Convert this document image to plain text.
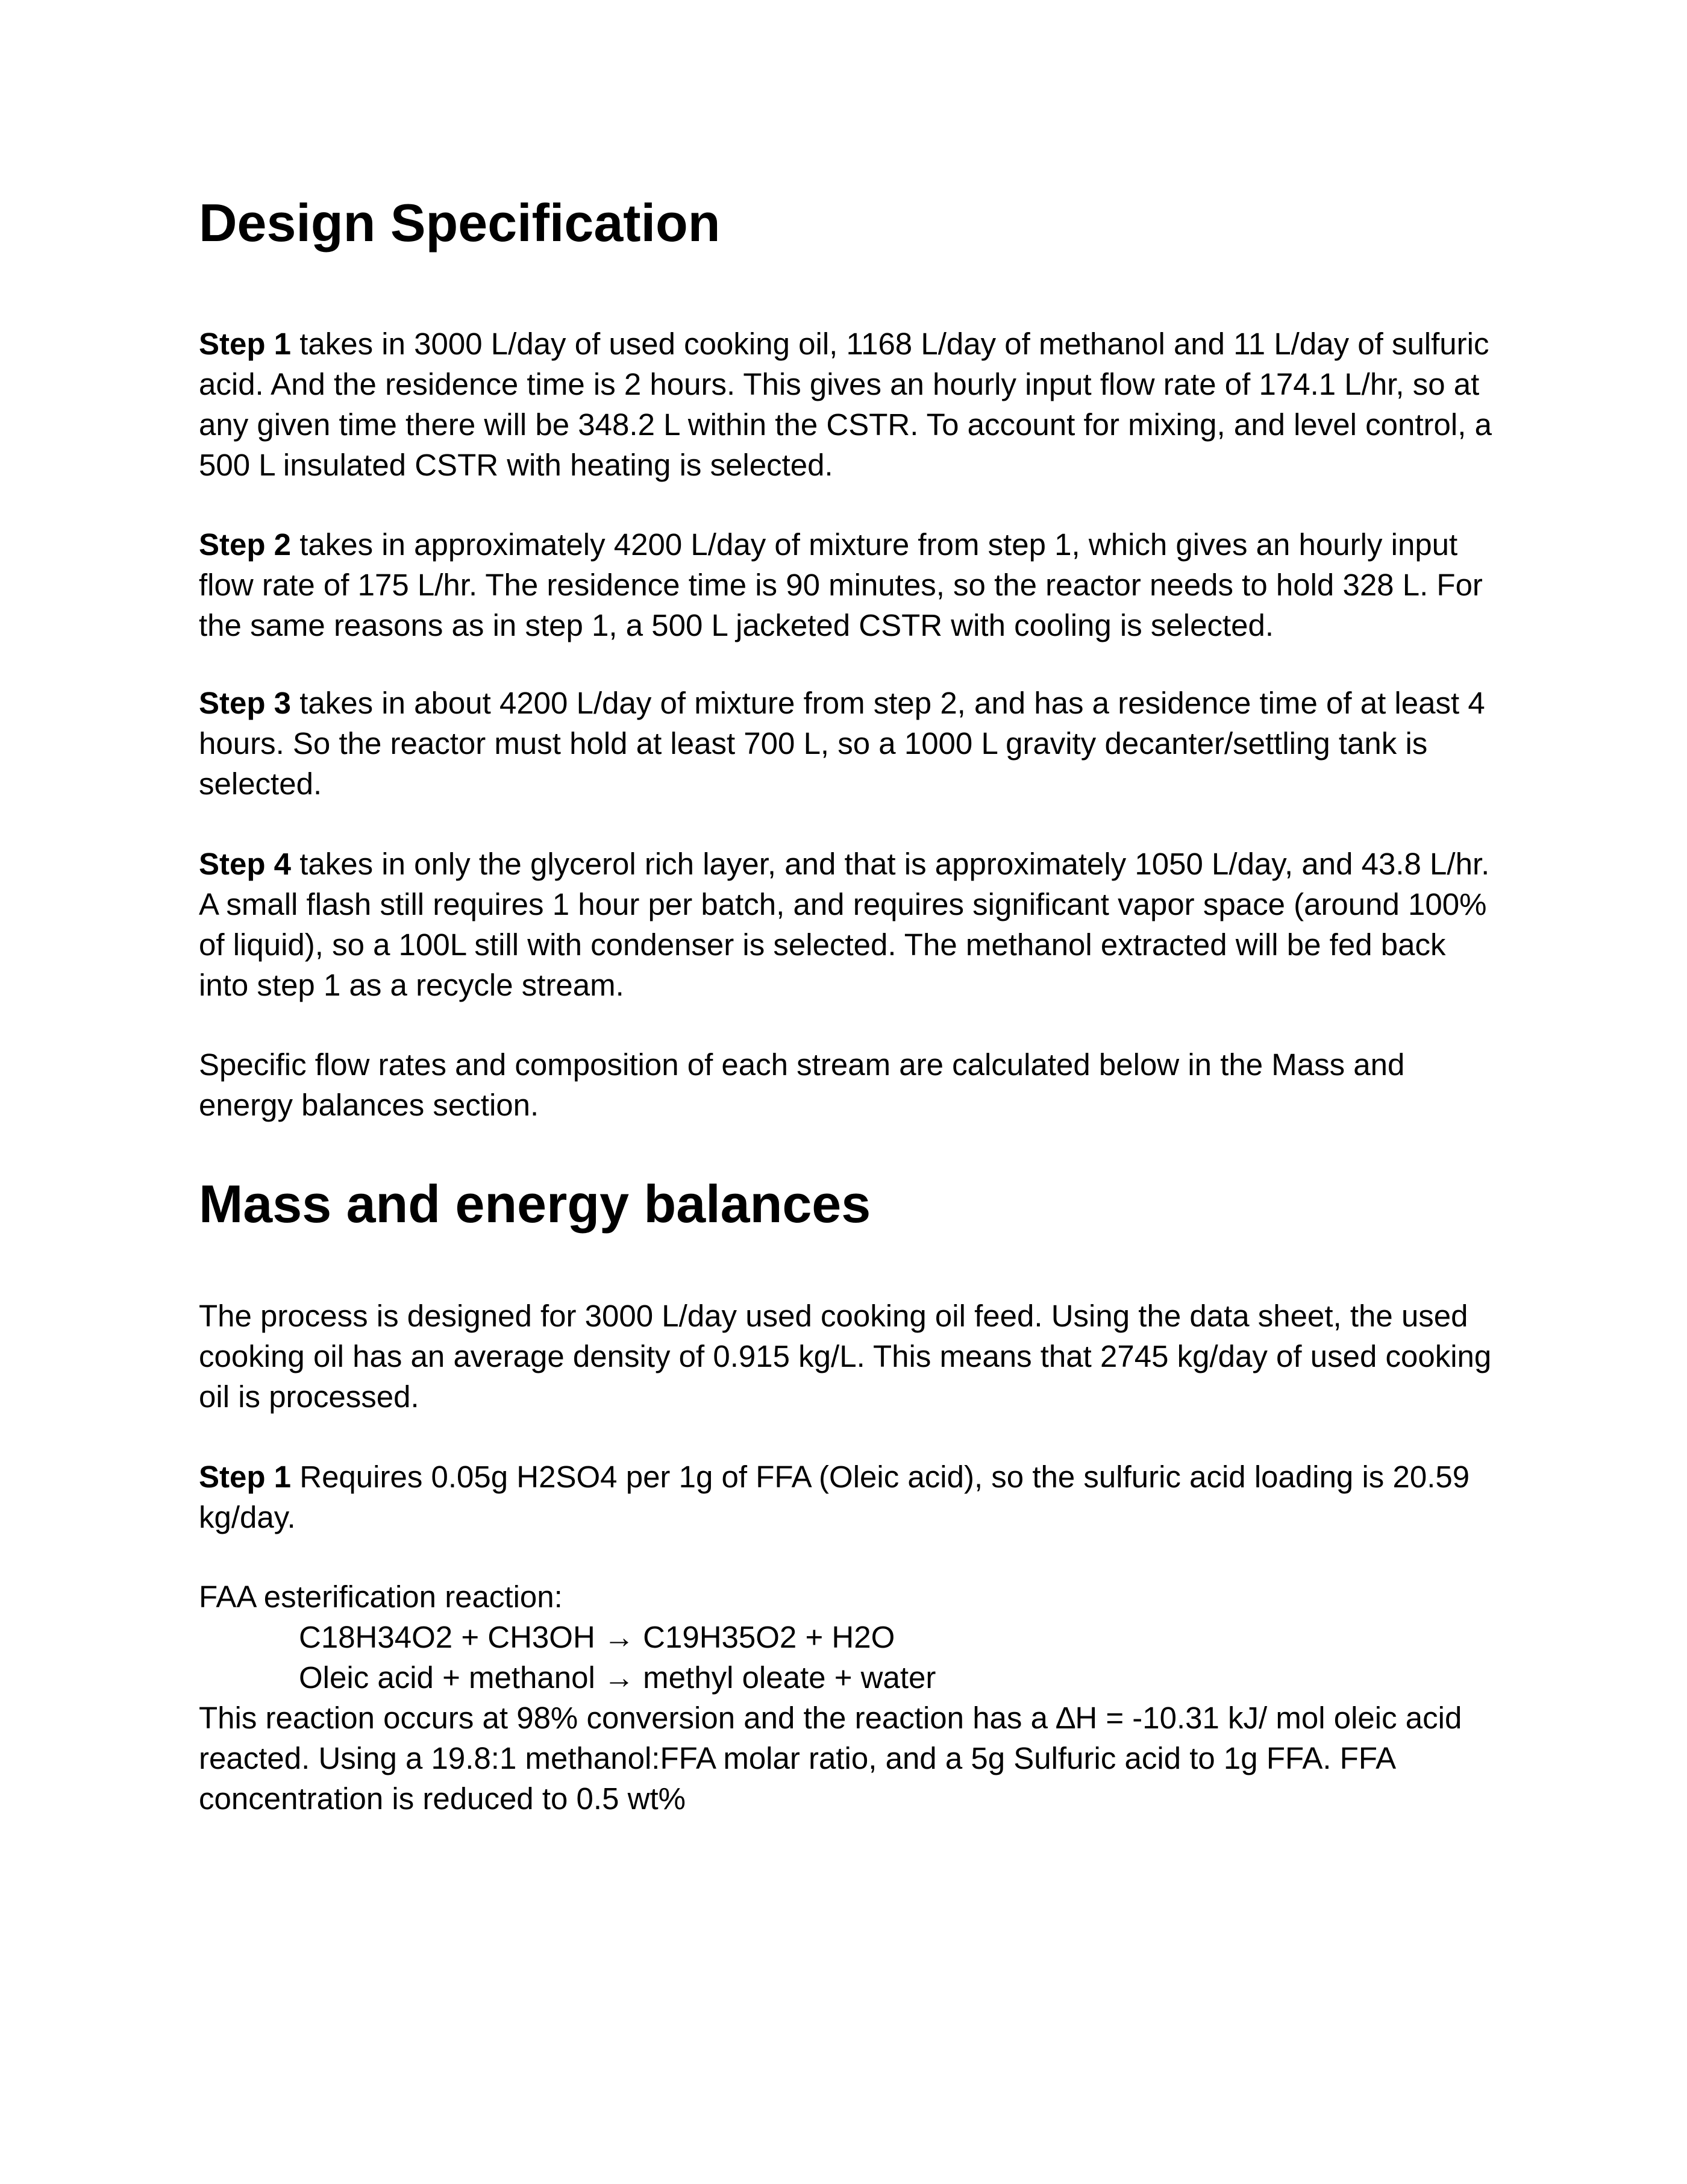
Design Specification

Step 1 takes in 3000 L/day of used cooking oil, 1168 L/day of methanol and 11 L/day of sulfuric acid. And the residence time is 2 hours. This gives an hourly input flow rate of 174.1 L/hr, so at any given time there will be 348.2 L within the CSTR. To account for mixing, and level control, a 500 L insulated CSTR with heating is selected.

Step 2 takes in approximately 4200 L/day of mixture from step 1, which gives an hourly input flow rate of 175 L/hr. The residence time is 90 minutes, so the reactor needs to hold 328 L. For the same reasons as in step 1, a 500 L jacketed CSTR with cooling is selected.

Step 3 takes in about 4200 L/day of mixture from step 2, and has a residence time of at least 4 hours. So the reactor must hold at least 700 L, so a 1000 L gravity decanter/settling tank is selected.

Step 4 takes in only the glycerol rich layer, and that is approximately 1050 L/day, and 43.8 L/hr. A small flash still requires 1 hour per batch, and requires significant vapor space (around 100% of liquid), so a 100L still with condenser is selected. The methanol extracted will be fed back into step 1 as a recycle stream.

Specific flow rates and composition of each stream are calculated below in the Mass and energy balances section.

Mass and energy balances

The process is designed for 3000 L/day used cooking oil feed. Using the data sheet, the used cooking oil has an average density of 0.915 kg/L. This means that 2745 kg/day of used cooking oil is processed.

Step 1 Requires 0.05g H2SO4 per 1g of FFA (Oleic acid), so the sulfuric acid loading is 20.59 kg/day.

FAA esterification reaction:

C18H34O2 + CH3OH → C19H35O2 + H2O

Oleic acid + methanol → methyl oleate + water

This reaction occurs at 98% conversion and the reaction has a ∆H = -10.31 kJ/ mol oleic acid reacted. Using a 19.8:1 methanol:FFA molar ratio, and a 5g Sulfuric acid to 1g FFA. FFA concentration is reduced to 0.5 wt%
